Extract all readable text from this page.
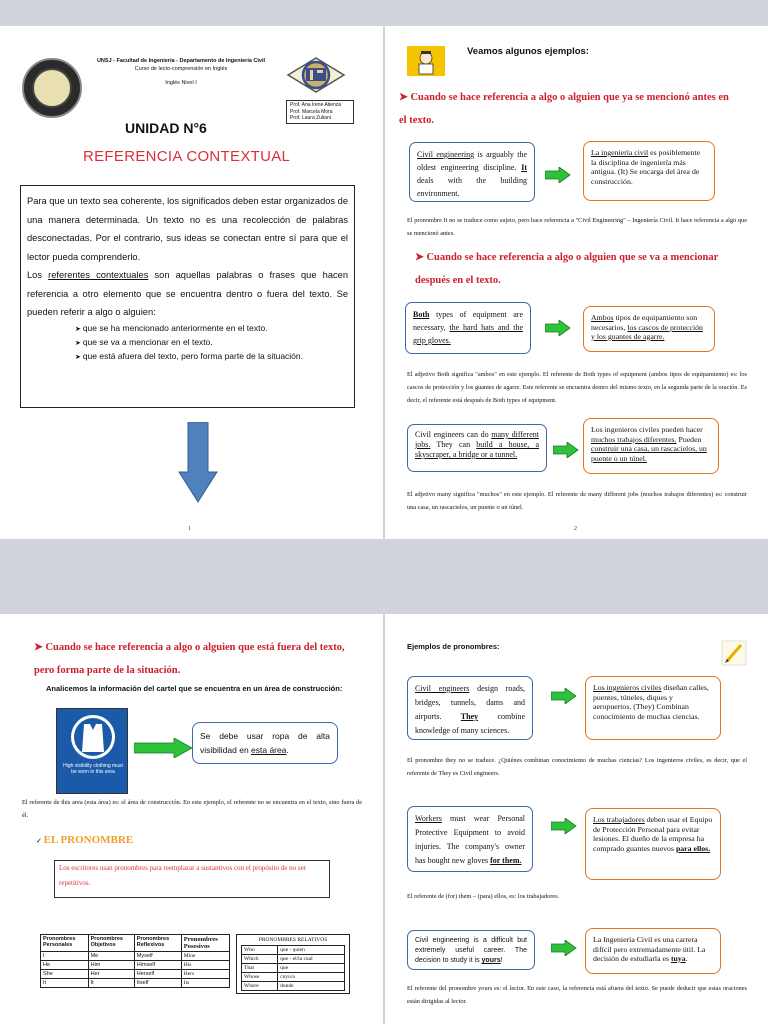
UNSJ - Facultad de Ingeniería - Departamento de Ingeniería Civil
Curso de lecto-comprensión en Inglés
Inglés Nivel I
Prof. Ana Irene Atienza
Prof. Marcela Mora
Prof. Laura Zuliani
UNIDAD N°6
REFERENCIA CONTEXTUAL

Para que un texto sea coherente, los significados deben estar organizados de una manera determinada. Un texto no es una recolección de palabras desconectadas. Por el contrario, sus ideas se conectan entre sí para que el lector pueda comprenderlo.

Los referentes contextuales son aquellas palabras o frases que hacen referencia a otro elemento que se encuentra dentro o fuera del texto. Se pueden referir a algo o alguien:

➤ que se ha mencionado anteriormente en el texto.
➤ que se va a mencionar en el texto.
➤ que está afuera del texto, pero forma parte de la situación.
1
Veamos algunos ejemplos:
➤ Cuando se hace referencia a algo o alguien que ya se mencionó antes en el texto.
Civil engineering is arguably the oldest engineering discipline. It deals with the building environment.
La ingeniería civil es posiblemente la disciplina de ingeniería más antigua. (It) Se encarga del área de construcción.
El pronombre It no se traduce como sujeto, pero hace referencia a "Civil Engineering" – Ingeniería Civil. It hace referencia a algo que se mencionó antes.
➤ Cuando se hace referencia a algo o alguien que se va a mencionar después en el texto.
Both types of equipment are necessary, the hard hats and the grip gloves.
Ambos tipos de equipamiento son necesarios, los cascos de protección y los guantes de agarre.
El adjetivo Both significa "ambos" en este ejemplo. El referente de Both types of equipment (ambos tipos de equipamiento) es: los cascos de protección y los guantes de agarre. Este referente se encuentra dentro del mismo texto, en la segunda parte de la oración. Es decir, el referente está después de Both types of equipment.
Civil engineers can do many different jobs. They can build a house, a skyscraper, a bridge or a tunnel.
Los ingenieros civiles pueden hacer muchos trabajos diferentes. Pueden construir una casa, un rascacielos, un puente o un túnel.
El adjetivo many significa "muchos" en este ejemplo. El referente de many different jobs (muchos trabajos diferentes) es: construir una casa, un rascacielos, un puente o un túnel.
2
➤ Cuando se hace referencia a algo o alguien que está fuera del texto, pero forma parte de la situación.
Analicemos la información del cartel que se encuentra en un área de construcción:
High visibility clothing must be worn in this area
Se debe usar ropa de alta visibilidad en esta área.
El referente de this area (esta área) es: el área de construcción. En este ejemplo, el referente no se encuentra en el texto, sino fuera de él.
✓ EL PRONOMBRE
Los escritores usan pronombres para reemplazar a sustantivos con el propósito de no ser repetitivos.
Pronombres Personales	Pronombres Objetivos	Pronombres Reflexivos	Pronombres Posesivos
I	Me	Myself	Mine
He	Him	Himself	His
She	Her	Herself	Hers
It	It	Itself	Its
PRONOMBRES RELATIVOS
Who	que - quien
Which	que - el/la cual
That	que
Whose	cuyo/a
Where	donde
Ejemplos de pronombres:
Civil engineers design roads, bridges, tunnels, dams and airports. They combine knowledge of many sciences.
Los ingenieros civiles diseñan calles, puentes, túneles, diques y aeropuertos. (They) Combinan conocimiento de muchas ciencias.
El pronombre they no se traduce. ¿Quiénes combinan conocimiento de muchas ciencias? Los ingenieros civiles, es decir, que el referente de They es Civil engineers.
Workers must wear Personal Protective Equipment to avoid injuries. The company's owner has bought new gloves for them.
Los trabajadores deben usar el Equipo de Protección Personal para evitar lesiones. El dueño de la empresa ha comprado guantes nuevos para ellos.
El referente de (for) them – (para) ellos, es: los trabajadores.
Civil engineering is a difficult but extremely useful career. The decision to study it is yours!
La Ingeniería Civil es una carrera difícil pero extremadamente útil. La decisión de estudiarla es tuya.
El referente del pronombre yours es: el lector. En este caso, la referencia está afuera del texto. Se puede deducir que estas oraciones están dirigidas al lector.
